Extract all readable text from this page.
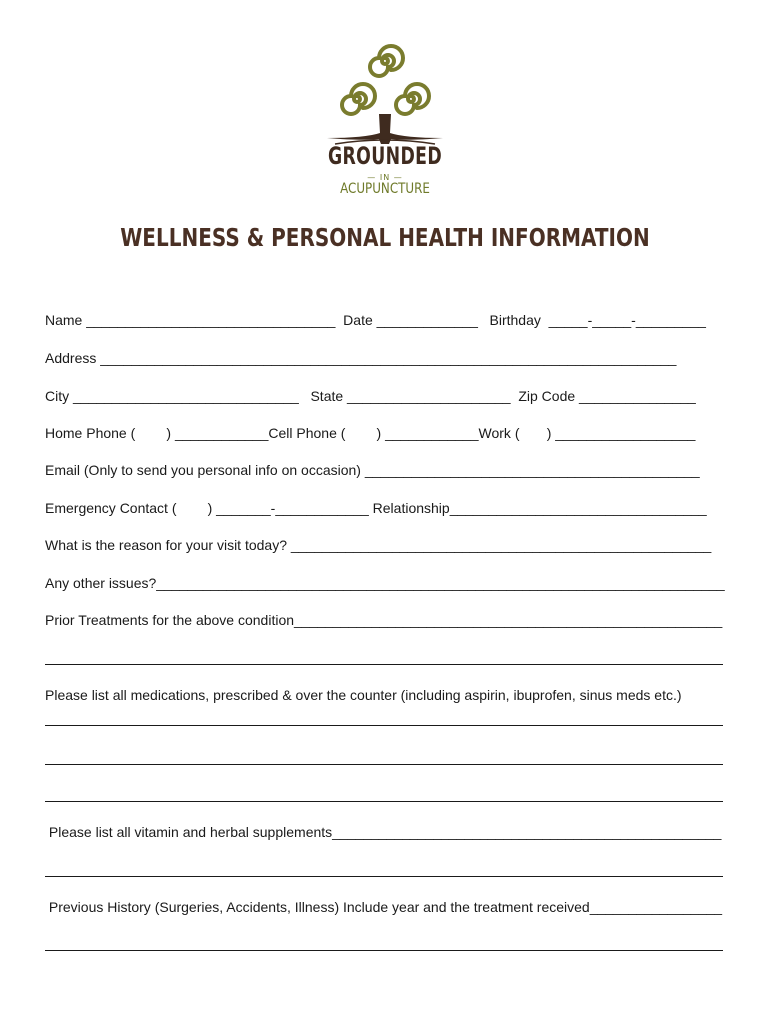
GROUNDED
— IN —
ACUPUNCTURE
WELLNESS & PERSONAL HEALTH INFORMATION
Name ________________________________  Date _____________   Birthday  _____-_____-_________
Address __________________________________________________________________________
City _____________________________   State _____________________  Zip Code _______________
Home Phone (        ) ____________Cell Phone (        ) ____________Work (       ) __________________
Email (Only to send you personal info on occasion) ___________________________________________
Emergency Contact (        ) _______-____________ Relationship_________________________________
What is the reason for your visit today? ______________________________________________________
Any other issues?_________________________________________________________________________
Prior Treatments for the above condition_______________________________________________________
Please list all medications, prescribed & over the counter (including aspirin, ibuprofen, sinus meds etc.)
Please list all vitamin and herbal supplements__________________________________________________
Previous History (Surgeries, Accidents, Illness) Include year and the treatment received_________________
